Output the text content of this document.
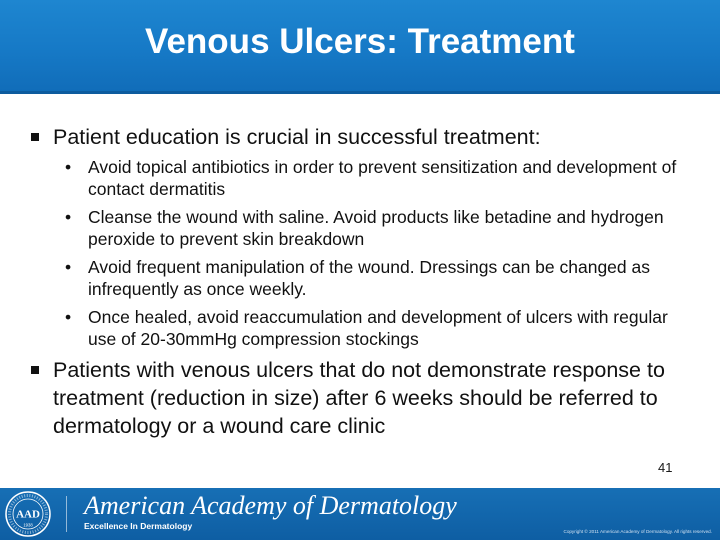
Venous Ulcers: Treatment
Patient education is crucial in successful treatment:
• Avoid topical antibiotics in order to prevent sensitization and development of contact dermatitis
• Cleanse the wound with saline. Avoid products like betadine and hydrogen peroxide to prevent skin breakdown
• Avoid frequent manipulation of the wound. Dressings can be changed as infrequently as once weekly.
• Once healed, avoid reaccumulation and development of ulcers with regular use of 20-30mmHg compression stockings
Patients with venous ulcers that do not demonstrate response to treatment (reduction in size) after 6 weeks should be referred to dermatology or a wound care clinic
41
AAD
1938
American Academy of Dermatology
Excellence In Dermatology
Copyright © 2011 American Academy of Dermatology. All rights reserved.
